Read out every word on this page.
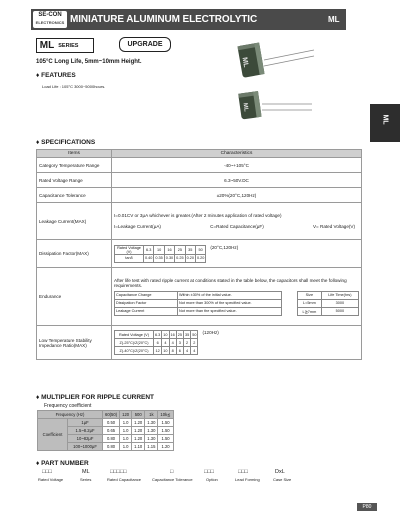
SE-CON
ELECTRONICS MINIATURE ALUMINUM ELECTROLYTIC CAPACITORS
ML
ML SERIES	UPGRADE
105°C Long Life, 5mm~10mm Height.
♦ FEATURES
Load Life : 105°C 3000~5000hours.
ML
ML
ML
♦ SPECIFICATIONS
Items	Characteristics
Category Temperature Range	-40~+105°C
Rated Voltage Range	6.3~50V.DC
Capacitance Tolerance	±20%(20°C,120Hz)
Leakage Current(MAX)	
I=0.01CV or 3μA whichever is greater.(After 2 minutes application of rated voltage)
I=Leakage Current(μA)	C=Rated Capacitance(μF)	V= Rated Voltage(V)

Dissipation Factor(MAX)	
Rated Voltage (V)	6.3	10	16	25	35	50
tanδ	0.40	0.35	0.30	0.25	0.20	0.20
(20°C,120Hz)

Endurance	
After life test with rated ripple current at conditions stated in the table below, the capacitors shall meet the following requirements.
Capacitance Change	Within ±30% of the initial value.
Dissipation Factor	Not more than 300% of the specified value.
Leakage Current	Not more than the specified value.
Size	Life Time(hrs)
L=5mm	3000
L≧7mm	5000

Low Temperature Stability Impedance Ratio(MAX)	
Rated Voltage (V)	6.3	10	16	25	35	50
Z(-25°C)/Z(20°C)	6	4	4	3	2	2
Z(-40°C)/Z(20°C)	12	10	8	6	4	4
(120Hz)
♦ MULTIPLIER FOR RIPPLE CURRENT
Frequency coefficient
Frequency (Hz)		60(50)	120	500	1k	10k≦
Coefficient	1μF	0.50	1.0	1.20	1.30	1.50
	1.5~8.2μF	0.65	1.0	1.20	1.30	1.50
	10~82μF	0.80	1.0	1.20	1.30	1.50
	100~1000μF	0.80	1.0	1.10	1.15	1.20
♦ PART NUMBER
□□□	ML	□□□□□	□	□□□	□□□	DxL
Rated Voltage	Series	Rated Capacitance	Capacitance Tolerance	Option	Lead Forming	Case Size
P80
